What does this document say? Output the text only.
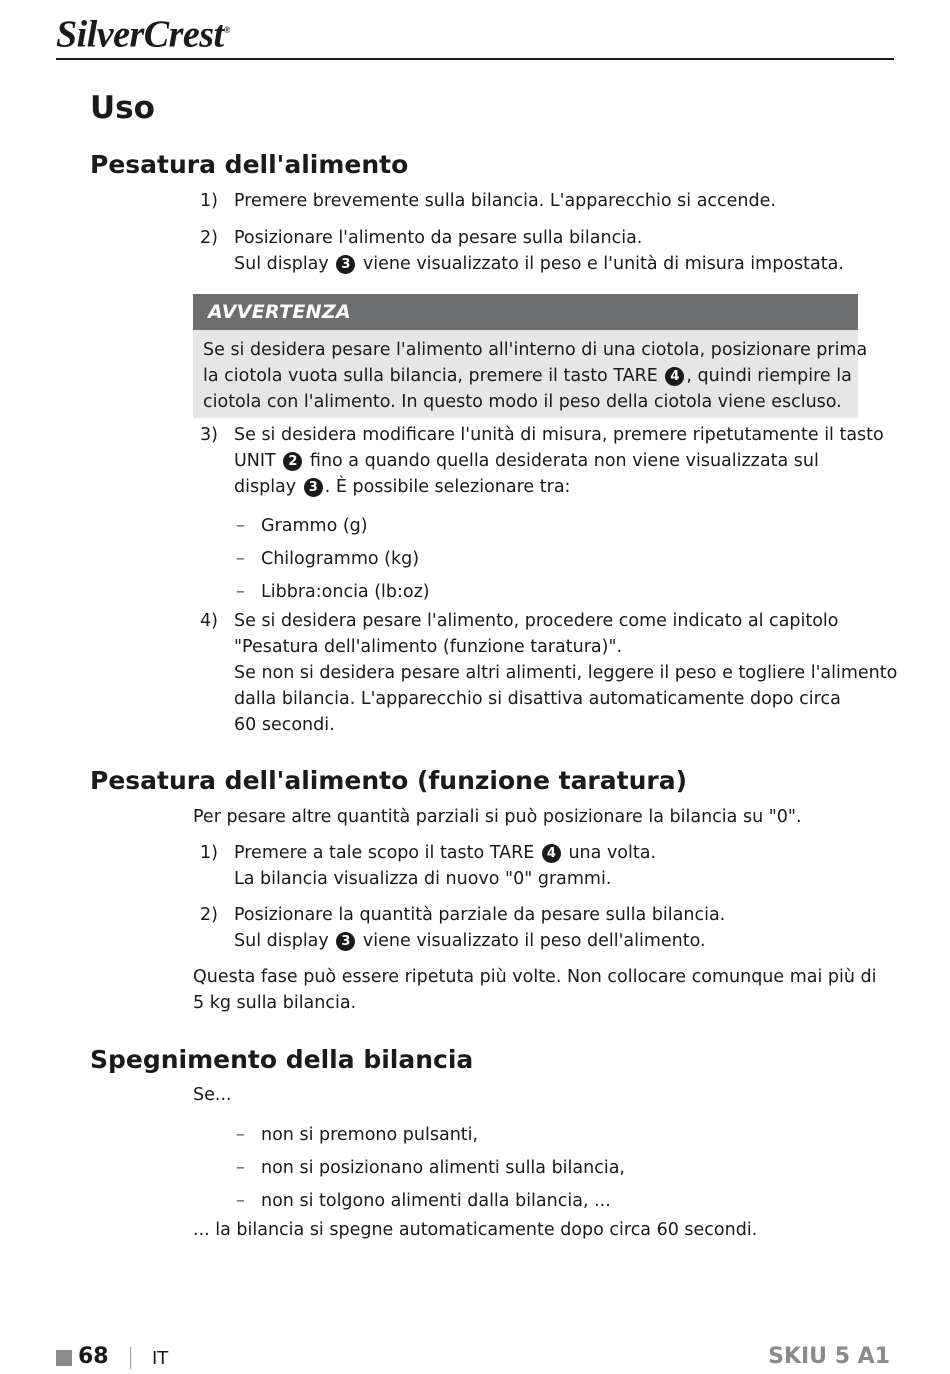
SilverCrest®
Uso
Pesatura dell'alimento
1) Premere brevemente sulla bilancia. L'apparecchio si accende.
2) Posizionare l'alimento da pesare sulla bilancia.
Sul display 3 viene visualizzato il peso e l'unità di misura impostata.
AVVERTENZA
Se si desidera pesare l'alimento all'interno di una ciotola, posizionare prima
la ciotola vuota sulla bilancia, premere il tasto TARE 4 , quindi riempire la
ciotola con l'alimento. In questo modo il peso della ciotola viene escluso.
3) Se si desidera modificare l'unità di misura, premere ripetutamente il tasto
UNIT 2 fino a quando quella desiderata non viene visualizzata sul
display 3 . È possibile selezionare tra:
– Grammo (g)
– Chilogrammo (kg)
– Libbra:oncia (lb:oz)
4) Se si desidera pesare l'alimento, procedere come indicato al capitolo
"Pesatura dell'alimento (funzione taratura)".
Se non si desidera pesare altri alimenti, leggere il peso e togliere l'alimento
dalla bilancia. L'apparecchio si disattiva automaticamente dopo circa
60 secondi.
Pesatura dell'alimento (funzione taratura)
Per pesare altre quantità parziali si può posizionare la bilancia su "0".
1) Premere a tale scopo il tasto TARE 4 una volta.
La bilancia visualizza di nuovo "0" grammi.
2) Posizionare la quantità parziale da pesare sulla bilancia.
Sul display 3 viene visualizzato il peso dell'alimento.
Questa fase può essere ripetuta più volte. Non collocare comunque mai più di
5 kg sulla bilancia.
Spegnimento della bilancia
Se...
– non si premono pulsanti,
– non si posizionano alimenti sulla bilancia,
– non si tolgono alimenti dalla bilancia, ...
... la bilancia si spegne automaticamente dopo circa 60 secondi.
68 IT	SKIU 5 A1
